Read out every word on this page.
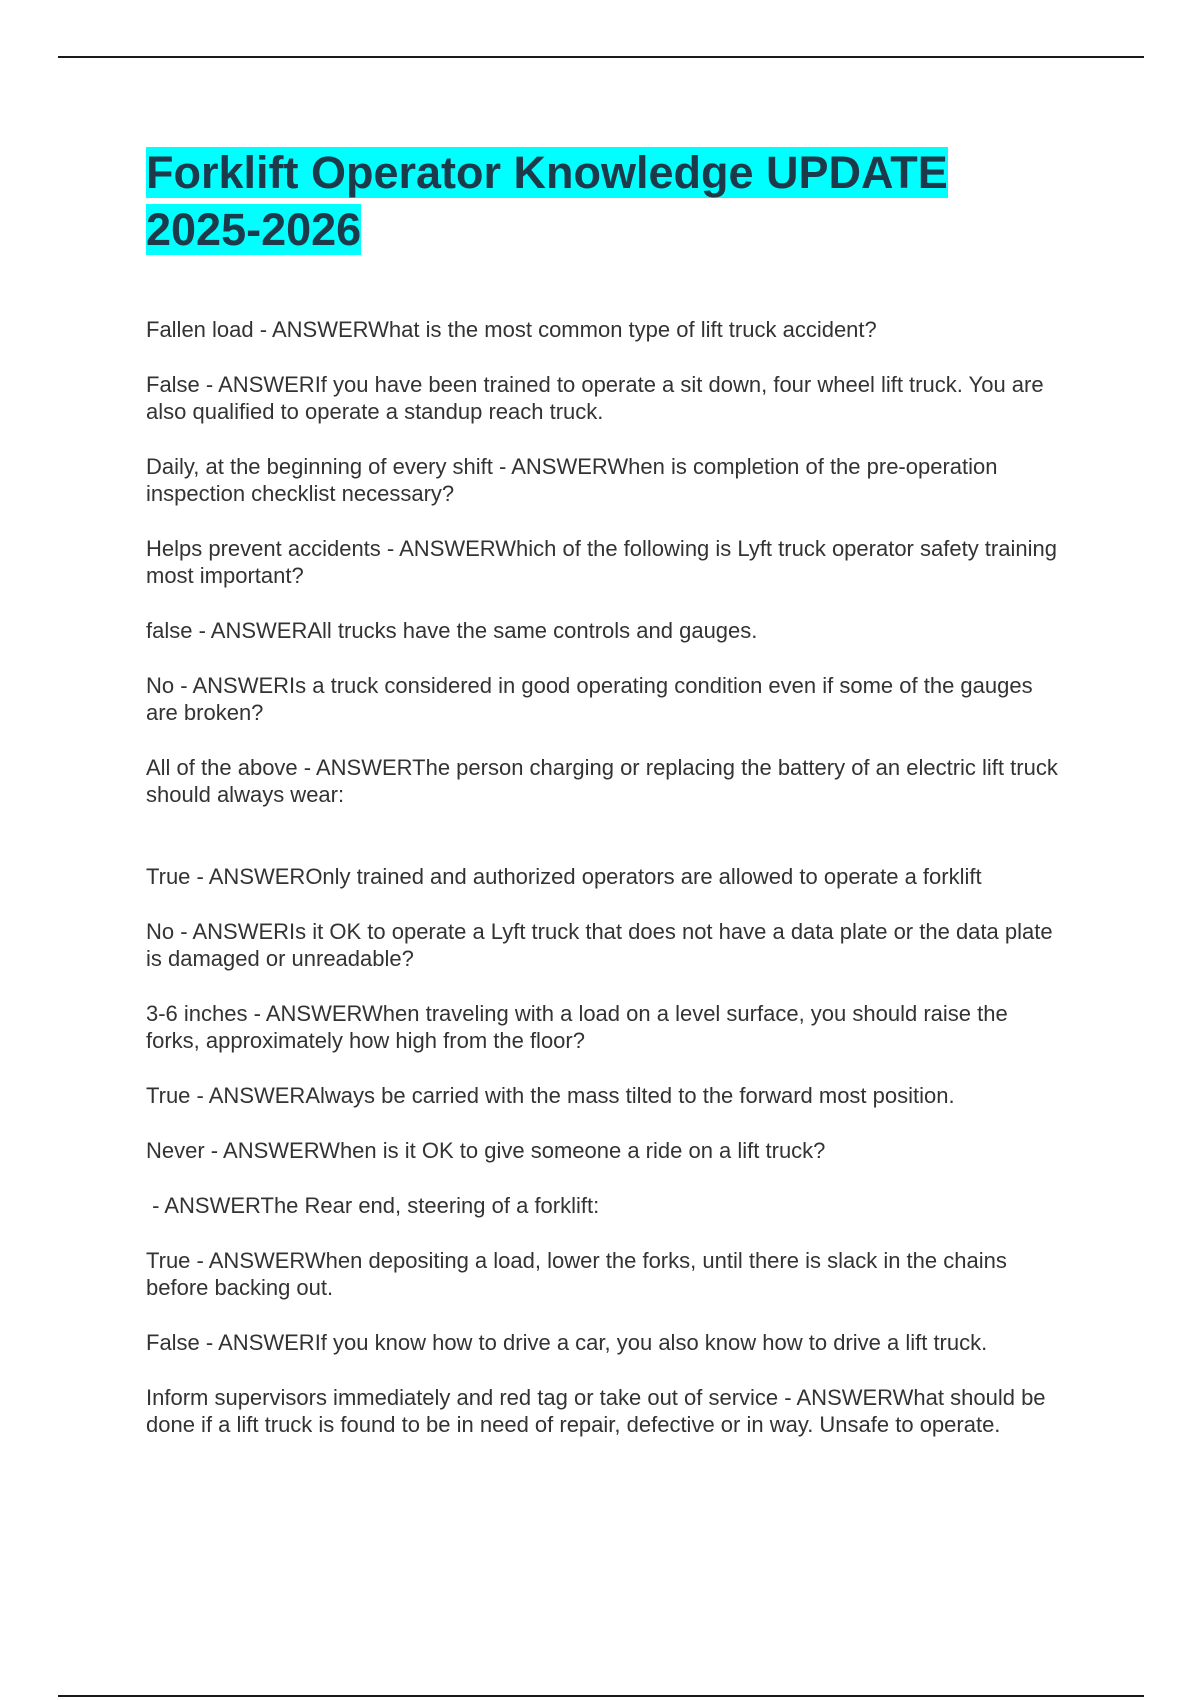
Forklift Operator Knowledge UPDATE 2025-2026

Fallen load - ANSWERWhat is the most common type of lift truck accident?

False - ANSWERIf you have been trained to operate a sit down, four wheel lift truck. You are also qualified to operate a standup reach truck.

Daily, at the beginning of every shift - ANSWERWhen is completion of the pre-operation inspection checklist necessary?

Helps prevent accidents - ANSWERWhich of the following is Lyft truck operator safety training most important?

false - ANSWERAll trucks have the same controls and gauges.

No - ANSWERIs a truck considered in good operating condition even if some of the gauges are broken?

All of the above - ANSWERThe person charging or replacing the battery of an electric lift truck should always wear:

True - ANSWEROnly trained and authorized operators are allowed to operate a forklift

No - ANSWERIs it OK to operate a Lyft truck that does not have a data plate or the data plate is damaged or unreadable?

3-6 inches - ANSWERWhen traveling with a load on a level surface, you should raise the forks, approximately how high from the floor?

True - ANSWERAlways be carried with the mass tilted to the forward most position.

Never - ANSWERWhen is it OK to give someone a ride on a lift truck?

- ANSWERThe Rear end, steering of a forklift:

True - ANSWERWhen depositing a load, lower the forks, until there is slack in the chains before backing out.

False - ANSWERIf you know how to drive a car, you also know how to drive a lift truck.

Inform supervisors immediately and red tag or take out of service - ANSWERWhat should be done if a lift truck is found to be in need of repair, defective or in way. Unsafe to operate.
